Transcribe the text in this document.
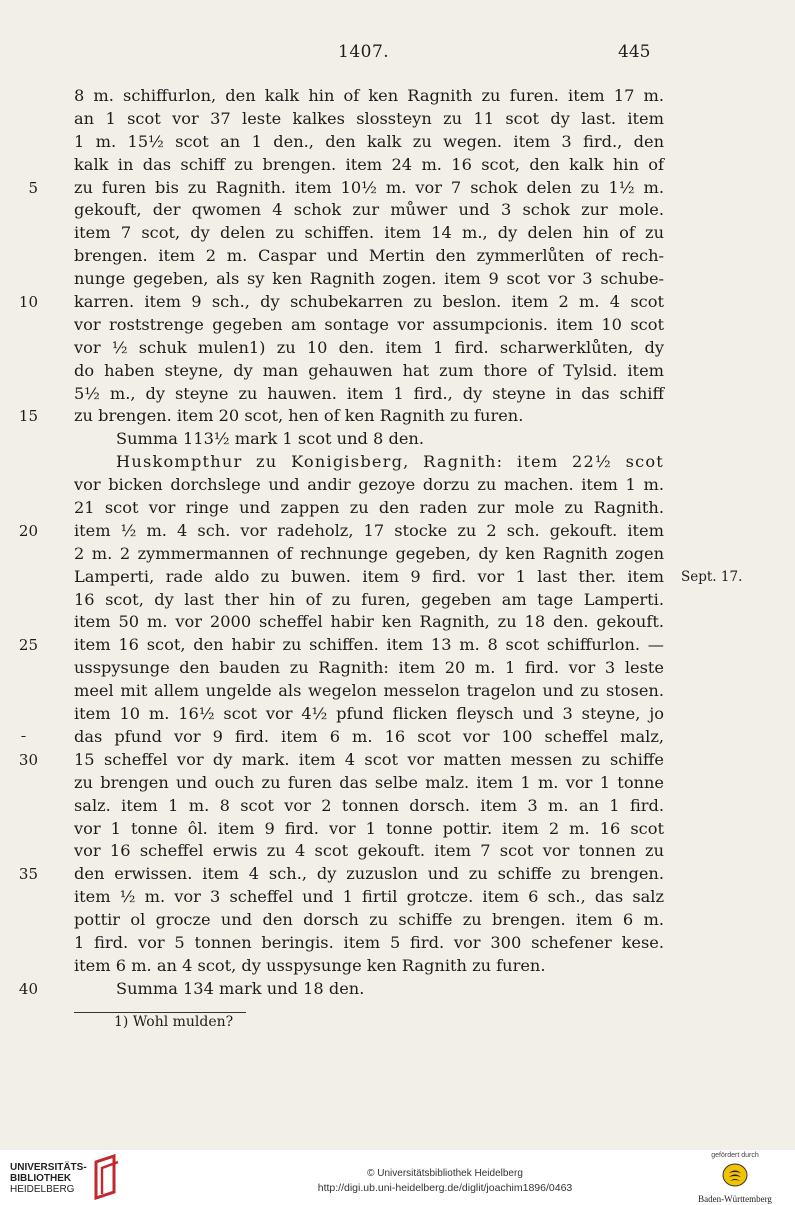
1407.	445
8 m. schiffurlon, den kalk hin of ken Ragnith zu furen. item 17 m.
an 1 scot vor 37 leste kalkes slossteyn zu 11 scot dy last. item
1 m. 15½ scot an 1 den., den kalk zu wegen. item 3 fird., den
kalk in das schiff zu brengen. item 24 m. 16 scot, den kalk hin of
5 zu furen bis zu Ragnith. item 10½ m. vor 7 schok delen zu 1½ m.
gekouft, der qwomen 4 schok zur můwer und 3 schok zur mole.
item 7 scot, dy delen zu schiffen. item 14 m., dy delen hin of zu
brengen. item 2 m. Caspar und Mertin den zymmerlůten of rech-
nunge gegeben, als sy ken Ragnith zogen. item 9 scot vor 3 schube-
10 karren. item 9 sch., dy schubekarren zu beslon. item 2 m. 4 scot
vor roststrenge gegeben am sontage vor assumpcionis. item 10 scot
vor ½ schuk mulen1) zu 10 den. item 1 fird. scharwerklůten, dy
do haben steyne, dy man gehauwen hat zum thore of Tylsid. item
5½ m., dy steyne zu hauwen. item 1 fird., dy steyne in das schiff
15 zu brengen. item 20 scot, hen of ken Ragnith zu furen.
Summa 113½ mark 1 scot und 8 den.
Huskompthur zu Konigisberg, Ragnith: item 22½ scot
vor bicken dorchslege und andir gezoye dorzu zu machen. item 1 m.
21 scot vor ringe und zappen zu den raden zur mole zu Ragnith.
20 item ½ m. 4 sch. vor radeholz, 17 stocke zu 2 sch. gekouft. item
2 m. 2 zymmermannen of rechnunge gegeben, dy ken Ragnith zogen
Lamperti, rade aldo zu buwen. item 9 fird. vor 1 last ther. item Sept. 17.
16 scot, dy last ther hin of zu furen, gegeben am tage Lamperti.
item 50 m. vor 2000 scheffel habir ken Ragnith, zu 18 den. gekouft.
25 item 16 scot, den habir zu schiffen. item 13 m. 8 scot schiffurlon. —
usspysunge den bauden zu Ragnith: item 20 m. 1 fird. vor 3 leste
meel mit allem ungelde als wegelon messelon tragelon und zu stosen.
item 10 m. 16½ scot vor 4½ pfund flicken fleysch und 3 steyne, jo
das pfund vor 9 fird. item 6 m. 16 scot vor 100 scheffel malz,
ˍ
30 15 scheffel vor dy mark. item 4 scot vor matten messen zu schiffe
zu brengen und ouch zu furen das selbe malz. item 1 m. vor 1 tonne
salz. item 1 m. 8 scot vor 2 tonnen dorsch. item 3 m. an 1 fird.
vor 1 tonne ôl. item 9 fird. vor 1 tonne pottir. item 2 m. 16 scot
vor 16 scheffel erwis zu 4 scot gekouft. item 7 scot vor tonnen zu
35 den erwissen. item 4 sch., dy zuzuslon und zu schiffe zu brengen.
item ½ m. vor 3 scheffel und 1 firtil grotcze. item 6 sch., das salz
pottir ol grocze und den dorsch zu schiffe zu brengen. item 6 m.
1 fird. vor 5 tonnen beringis. item 5 fird. vor 300 schefener kese.
item 6 m. an 4 scot, dy usspysunge ken Ragnith zu furen.
40	Summa 134 mark und 18 den.
1) Wohl mulden?
UNIVERSITÄTS-
BIBLIOTHEK
HEIDELBERG
© Universitätsbibliothek Heidelberg
http://digi.ub.uni-heidelberg.de/diglit/joachim1896/0463
gefördert durch
Baden-Württemberg
